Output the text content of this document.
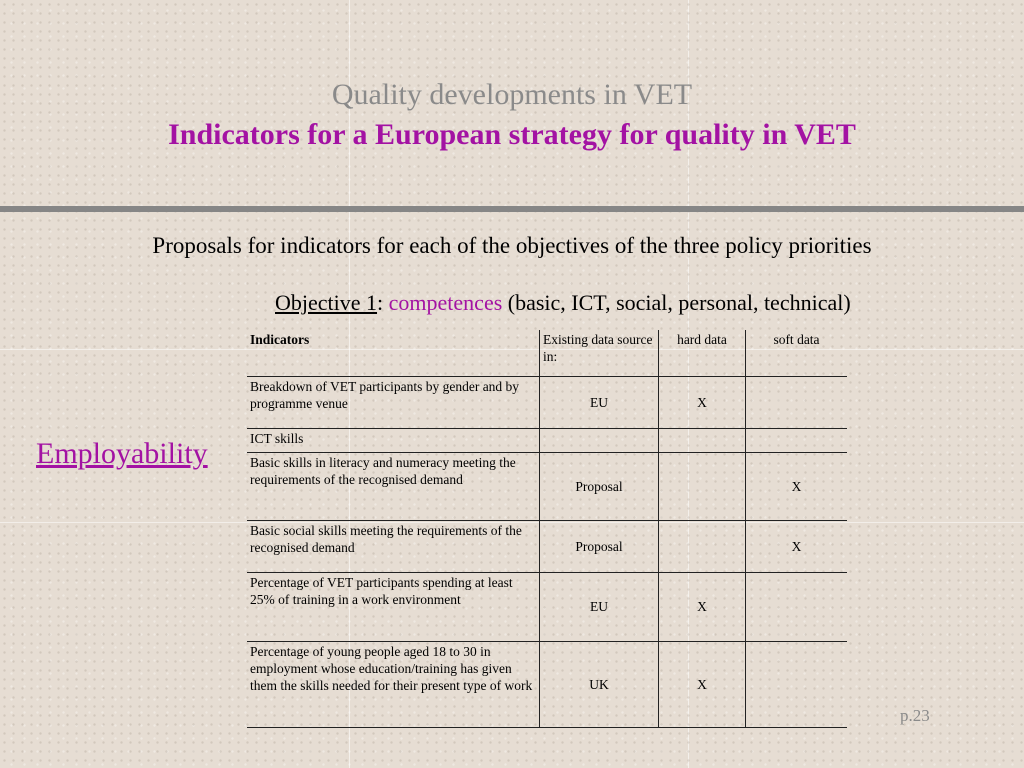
Quality developments in VET
Indicators for a European strategy for quality in VET
Proposals for indicators for each of the objectives of the three policy priorities
Objective 1: competences (basic, ICT, social, personal, technical)
Employability
Indicators	Existing data source in:	hard data	soft data
Breakdown of VET participants by gender and by programme venue	EU	X	
ICT skills			
Basic skills in literacy and numeracy meeting the requirements of the recognised demand	Proposal		X
Basic social skills meeting the requirements of the recognised demand	Proposal		X
Percentage of VET participants spending at least 25% of training in a work environment	EU	X	
Percentage of young people aged 18 to 30 in employment whose education/training has given them the skills needed for their present type of work	UK	X	
p.23
